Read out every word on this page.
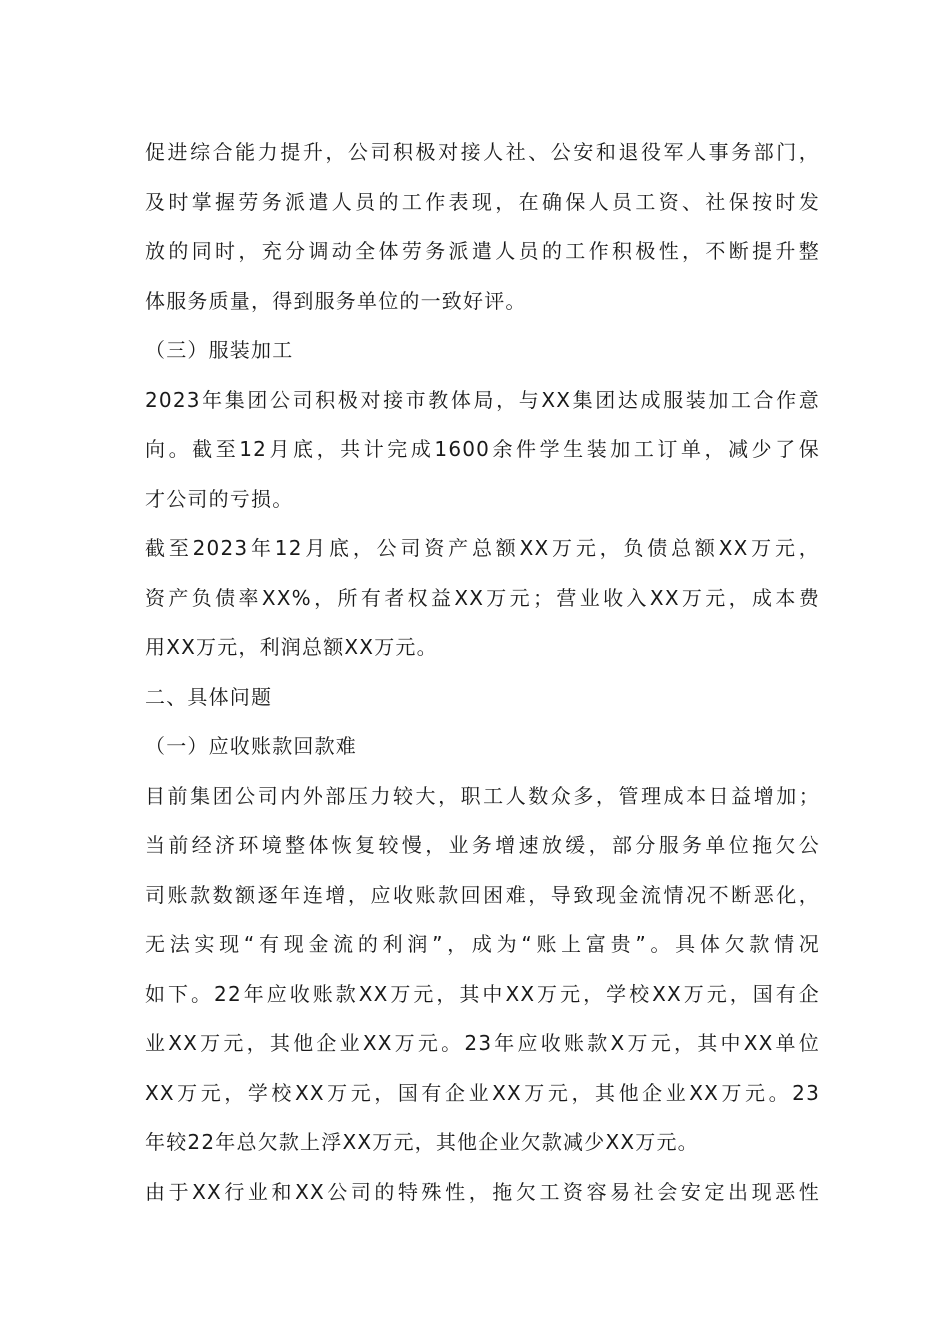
促进综合能力提升，公司积极对接人社、公安和退役军人事务部门，
及时掌握劳务派遣人员的工作表现，在确保人员工资、社保按时发
放的同时，充分调动全体劳务派遣人员的工作积极性，不断提升整
体服务质量，得到服务单位的一致好评。
（三）服装加工
2023年集团公司积极对接市教体局，与XX集团达成服装加工合作意
向。截至12月底，共计完成1600余件学生装加工订单，减少了保
才公司的亏损。
截至2023年12月底，公司资产总额XX万元，负债总额XX万元，
资产负债率XX%，所有者权益XX万元；营业收入XX万元，成本费
用XX万元，利润总额XX万元。
二、具体问题
（一）应收账款回款难
目前集团公司内外部压力较大，职工人数众多，管理成本日益增加；
当前经济环境整体恢复较慢，业务增速放缓，部分服务单位拖欠公
司账款数额逐年连增，应收账款回困难，导致现金流情况不断恶化，
无法实现“有现金流的利润”，成为“账上富贵”。具体欠款情况
如下。22年应收账款XX万元，其中XX万元，学校XX万元，国有企
业XX万元，其他企业XX万元。23年应收账款X万元，其中XX单位
XX万元，学校XX万元，国有企业XX万元，其他企业XX万元。23
年较22年总欠款上浮XX万元，其他企业欠款减少XX万元。
由于XX行业和XX公司的特殊性，拖欠工资容易社会安定出现恶性
